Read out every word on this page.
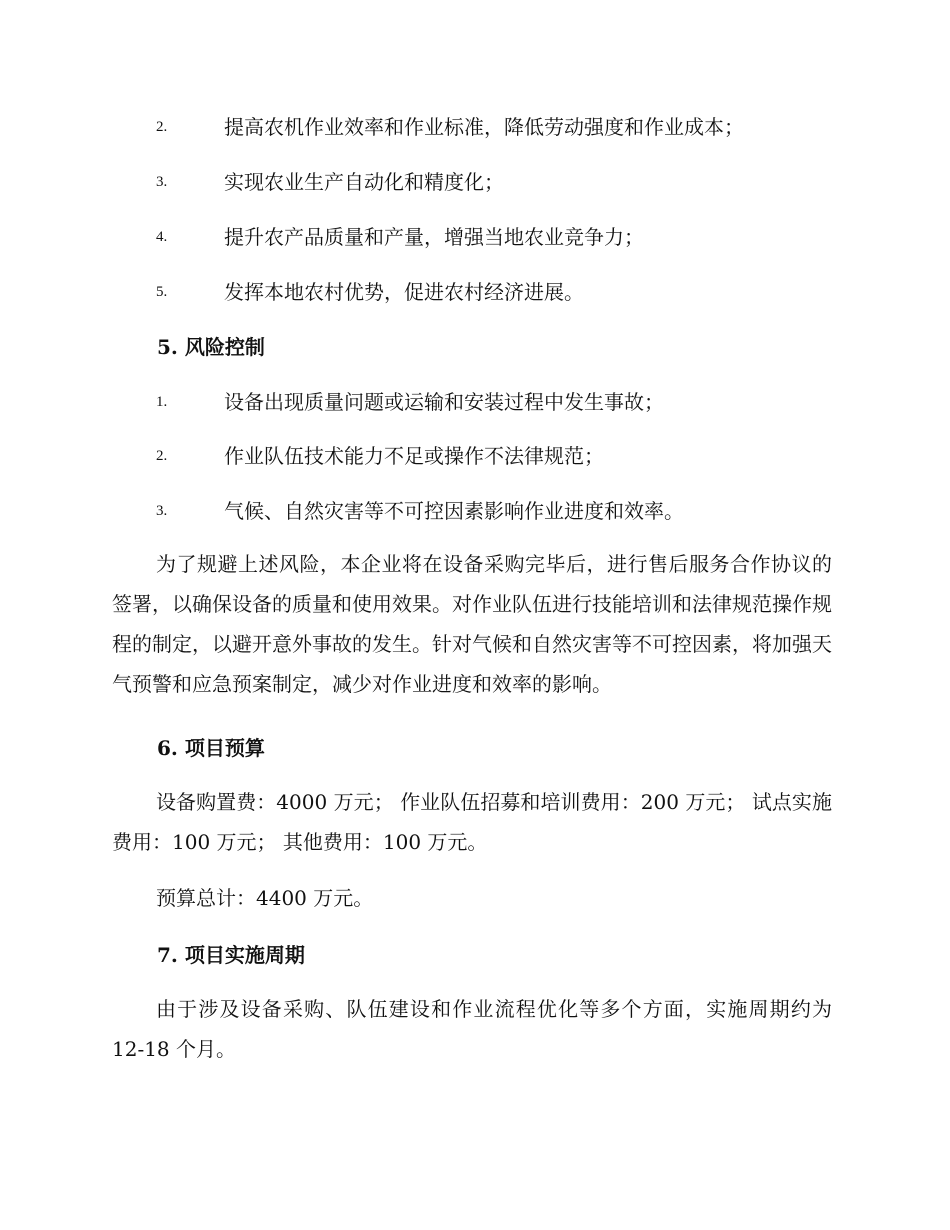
2.	提高农机作业效率和作业标准，降低劳动强度和作业成本；
3.	实现农业生产自动化和精度化；
4.	提升农产品质量和产量，增强当地农业竞争力；
5.	发挥本地农村优势，促进农村经济进展。
5. 风险控制
1.	设备出现质量问题或运输和安装过程中发生事故；
2.	作业队伍技术能力不足或操作不法律规范；
3.	气候、自然灾害等不可控因素影响作业进度和效率。

为了规避上述风险，本企业将在设备采购完毕后，进行售后服务合作协议的签署，以确保设备的质量和使用效果。对作业队伍进行技能培训和法律规范操作规程的制定，以避开意外事故的发生。针对气候和自然灾害等不可控因素，将加强天气预警和应急预案制定，减少对作业进度和效率的影响。

6. 项目预算

设备购置费：4000 万元； 作业队伍招募和培训费用：200 万元； 试点实施费用：100 万元； 其他费用：100 万元。

预算总计：4400 万元。

7. 项目实施周期

由于涉及设备采购、队伍建设和作业流程优化等多个方面，实施周期约为 12-18 个月。
